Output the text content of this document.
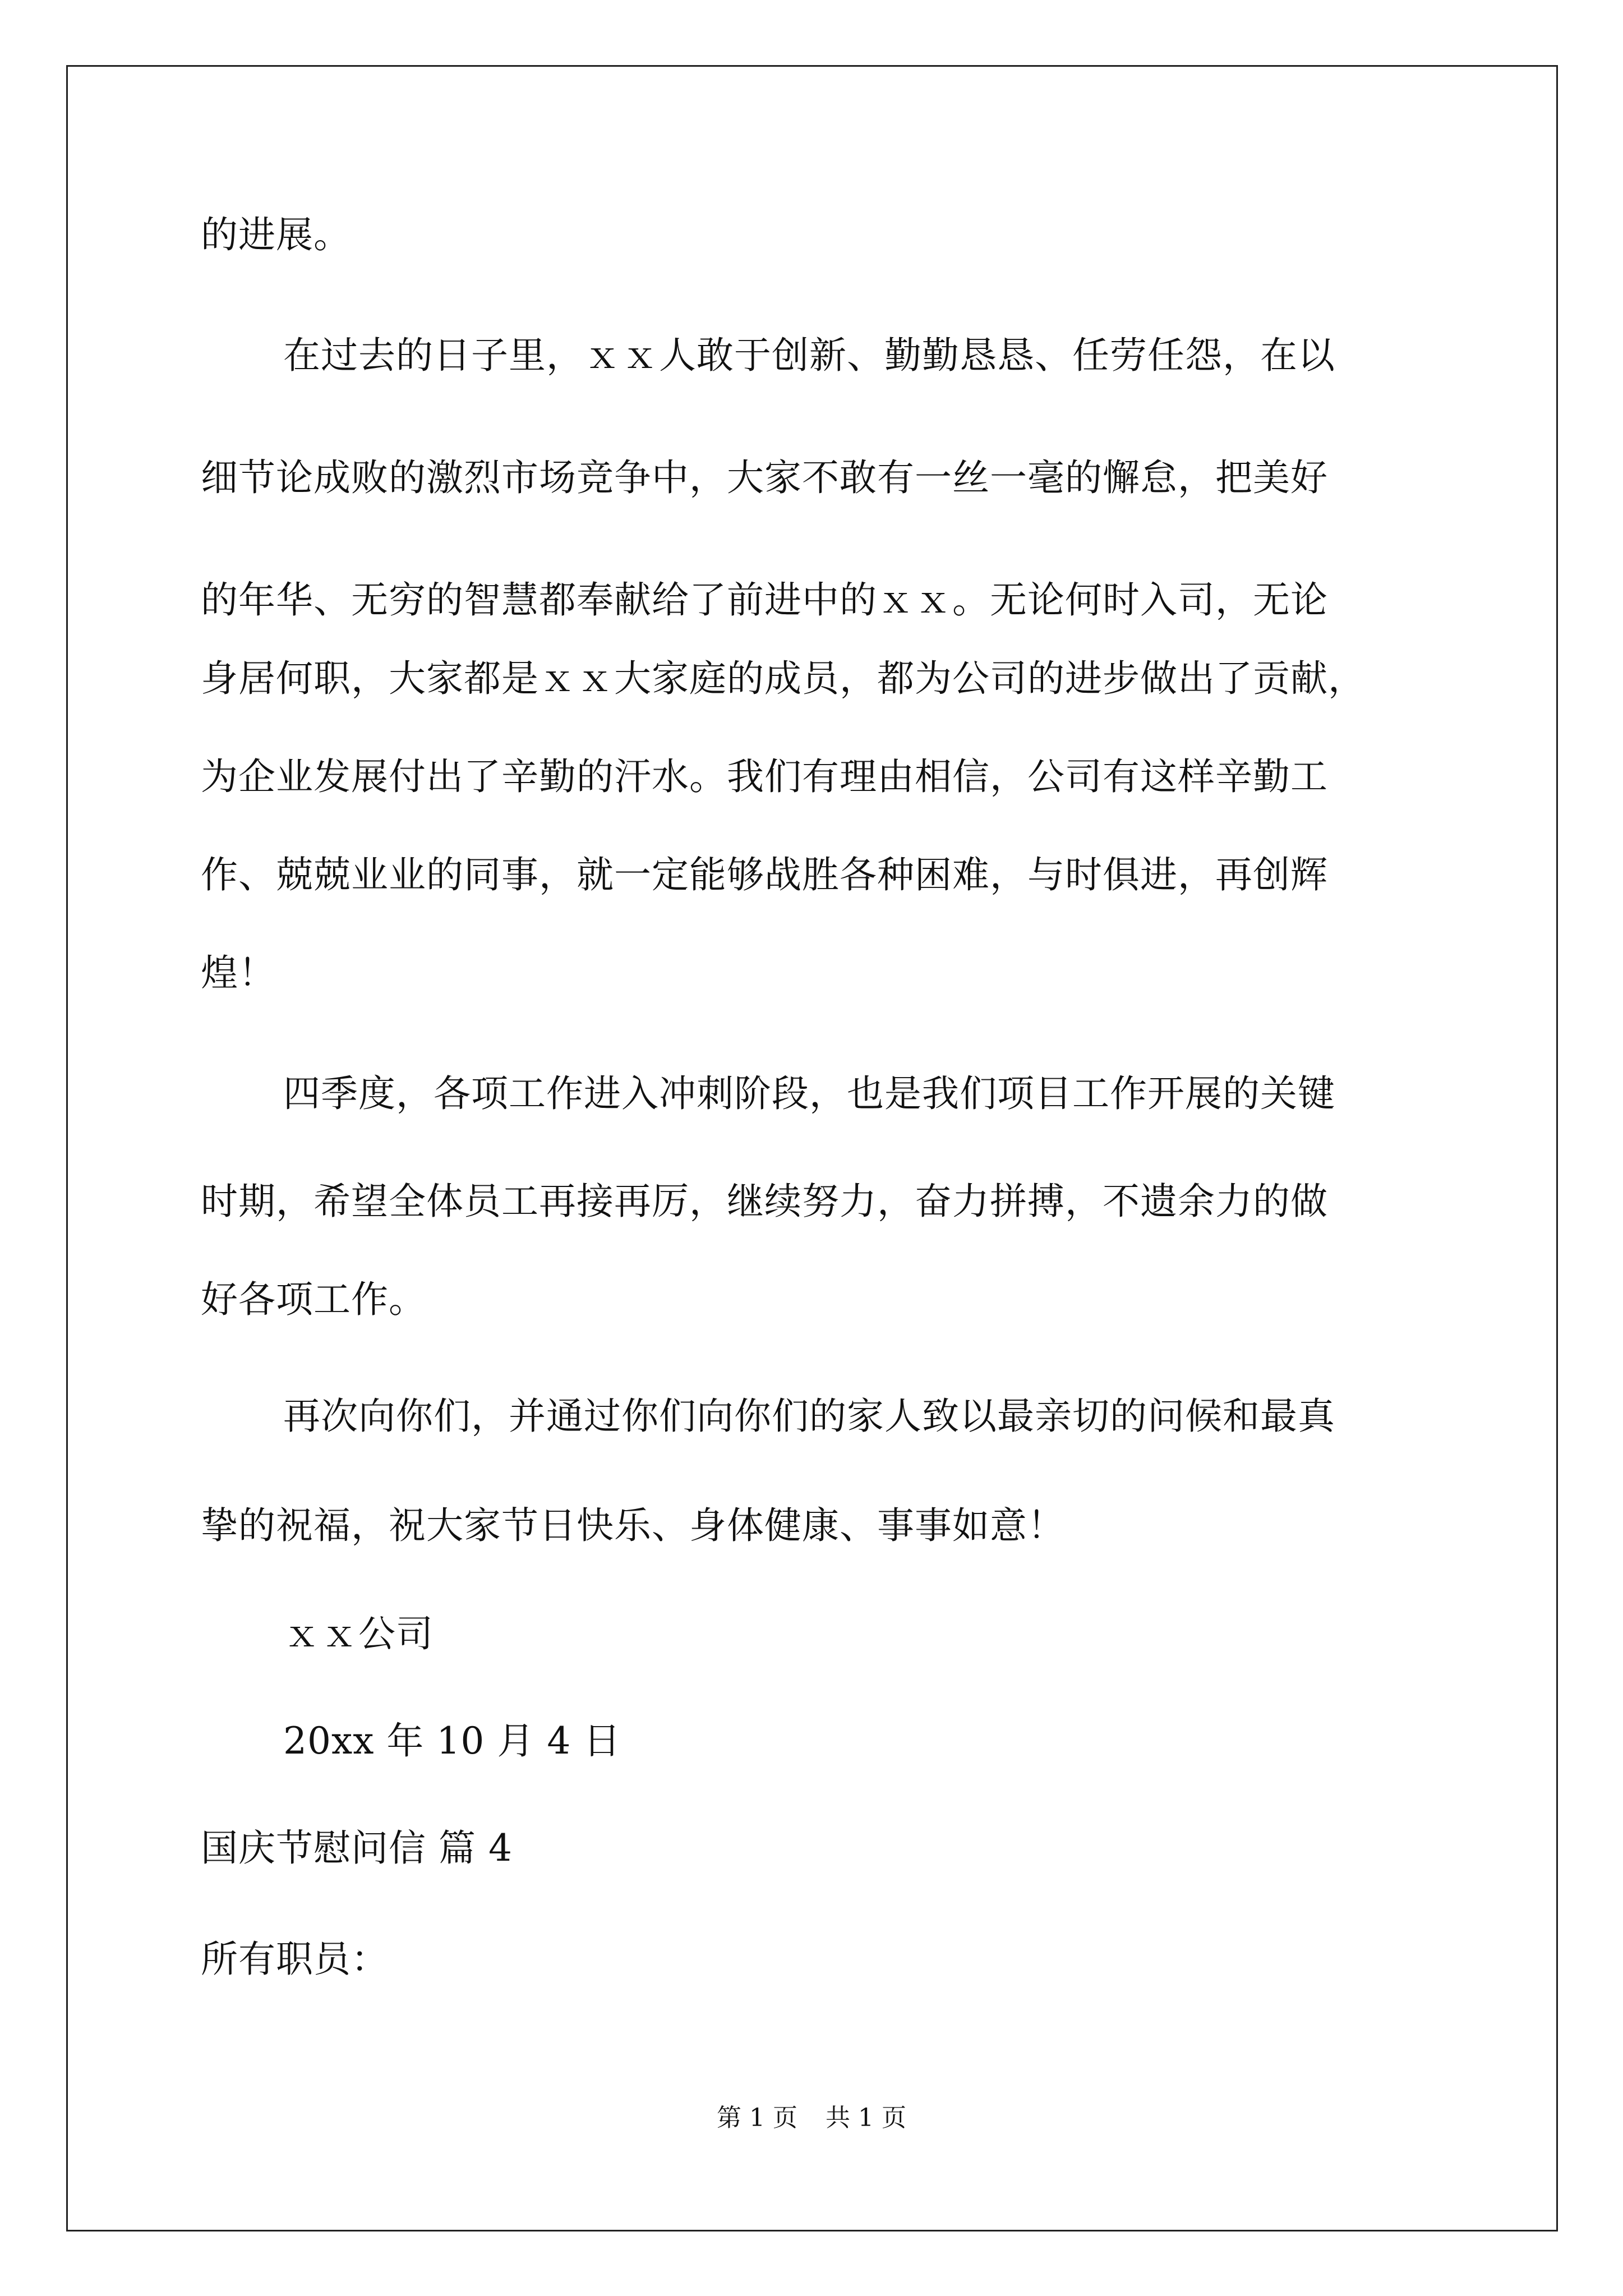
的进展。
在过去的日子里，ｘｘ人敢于创新、勤勤恳恳、任劳任怨，在以
细节论成败的激烈市场竞争中，大家不敢有一丝一毫的懈怠，把美好
的年华、无穷的智慧都奉献给了前进中的ｘｘ。无论何时入司，无论
身居何职，大家都是ｘｘ大家庭的成员，都为公司的进步做出了贡献，
为企业发展付出了辛勤的汗水。我们有理由相信，公司有这样辛勤工
作、兢兢业业的同事，就一定能够战胜各种困难，与时俱进，再创辉
煌！
四季度，各项工作进入冲刺阶段，也是我们项目工作开展的关键
时期，希望全体员工再接再厉，继续努力，奋力拼搏，不遗余力的做
好各项工作。
再次向你们，并通过你们向你们的家人致以最亲切的问候和最真
挚的祝福，祝大家节日快乐、身体健康、事事如意！
ｘｘ公司
20xx 年 10 月 4 日
国庆节慰问信 篇 4
所有职员：
第 1 页 共 1 页
